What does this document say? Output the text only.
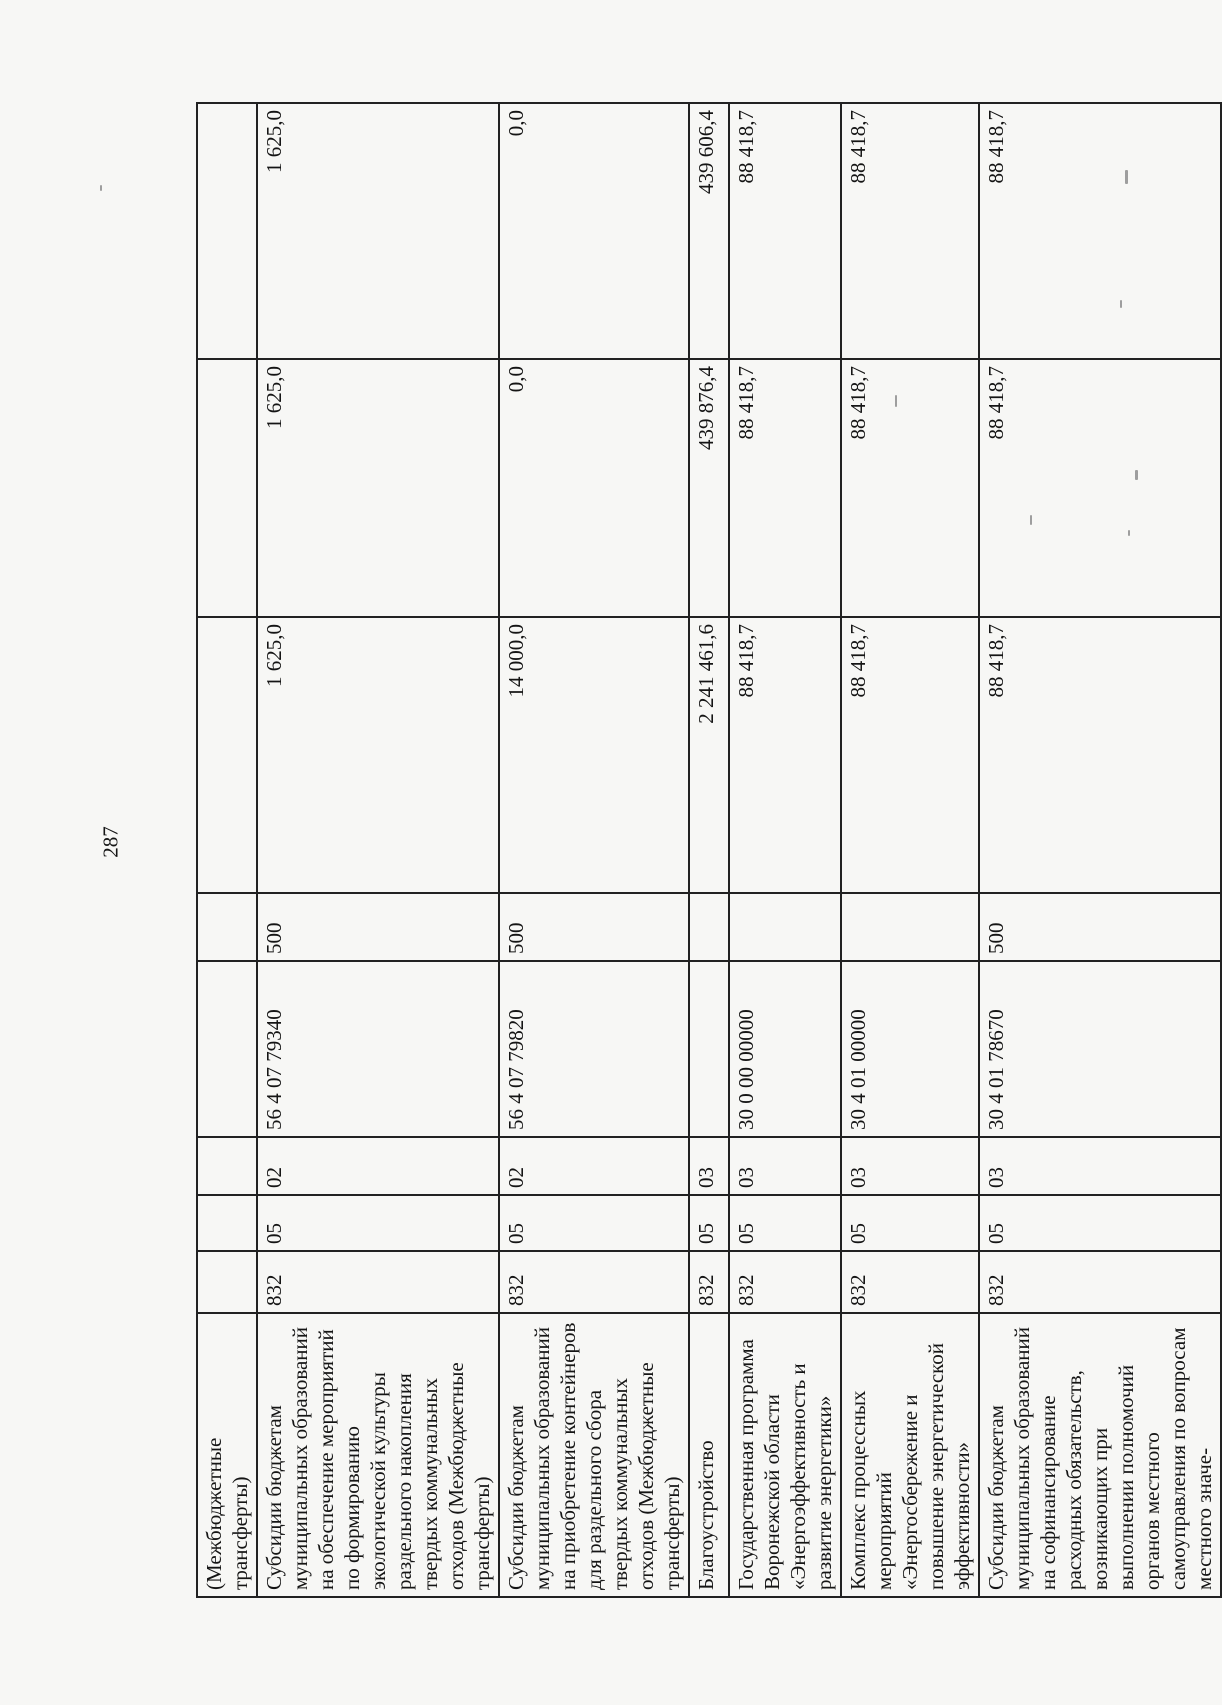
287
(Межбюджетные трансферты)								
Субсидии бюджетам муниципальных образований на обеспечение мероприятий по формированию экологической культуры раздельного накопления твердых коммунальных отходов (Межбюджетные трансферты)	832	05	02	56 4 07 79340	500	1 625,0	1 625,0	1 625,0
Субсидии бюджетам муниципальных образований на приобретение контейнеров для раздельного сбора твердых коммунальных отходов (Межбюджетные трансферты)	832	05	02	56 4 07 79820	500	14 000,0	0,0	0,0
Благоустройство	832	05	03			2 241 461,6	439 876,4	439 606,4
Государственная программа Воронежской области «Энергоэффективность и развитие энергетики»	832	05	03	30 0 00 00000		88 418,7	88 418,7	88 418,7
Комплекс процессных мероприятий «Энергосбережение и повышение энергетической эффективности»	832	05	03	30 4 01 00000		88 418,7	88 418,7	88 418,7
Субсидии бюджетам муниципальных образований на софинансирование расходных обязательств, возникающих при выполнении полномочий органов местного самоуправления по вопросам местного значе-	832	05	03	30 4 01 78670	500	88 418,7	88 418,7	88 418,7
